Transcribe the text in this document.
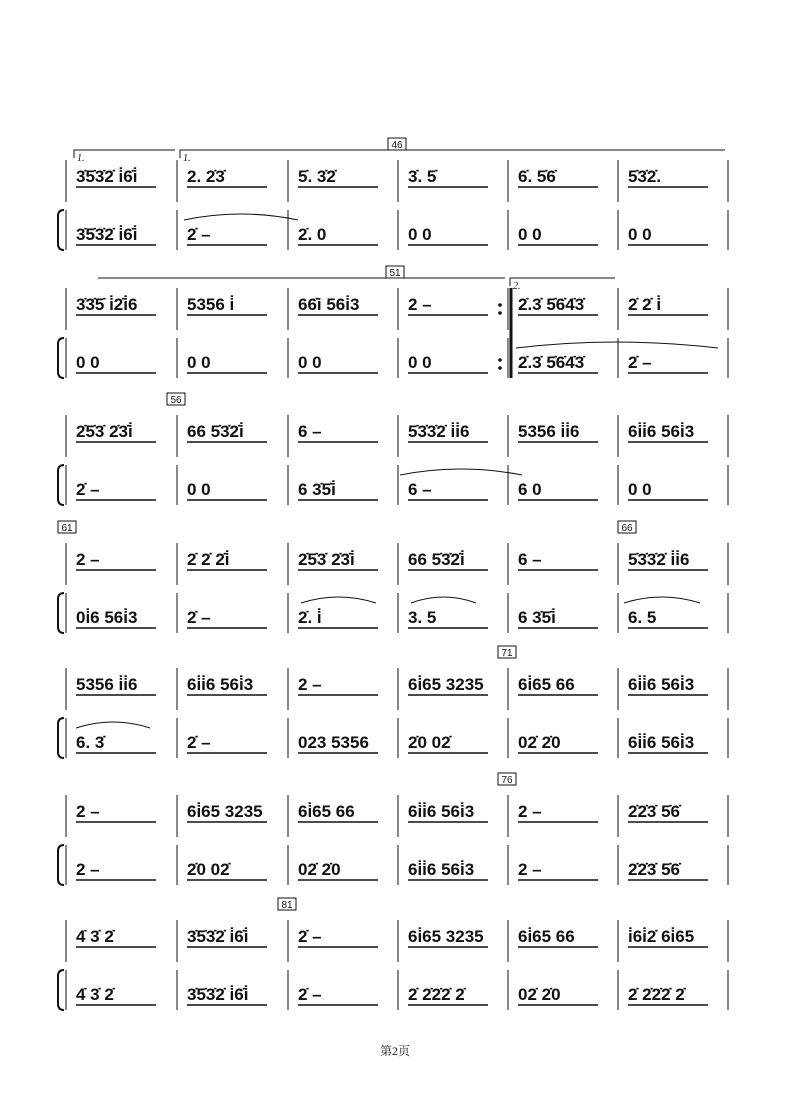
1.	1.
46
3̇5̇3̇2̇ i̇6̇i̇
3̇5̇3̇2̇ i̇6̇i̇
2. 2̇3̇
2̇ –
5̇. 3̇2̇
2̇. 0
3̇. 5̇
0 0
6̇. 5̇6̇
0 0
5̇3̇2̇.
0 0
2.
51
3̇3̇5̇ i̇2̇i̇6
0 0
5356 i̇
0 0
66̇i 56i̇3
0 0
2 –
0 0
2̇.3̇ 5̇6̇4̇3̇
2̇.3̇ 5̇6̇4̇3̇
2̇ 2̇ i̇
2̇ –
56
2̇5̇3̇ 2̇3̇i̇
2̇ –
66 5̇3̇2̇i̇
0 0
6 –
6 3̇5̇i̇
5̇3̇3̇2̇ i̇i̇6
6 –
5356 i̇i̇6
6 0
6i̇i̇6 56i̇3
0 0
61	66
2 –
0i̇6 56i̇3
2̇ 2̇ 2̇i̇
2̇ –
2̇5̇3̇ 2̇3̇i̇
2̇. i̇
66 5̇3̇2̇i̇
3. 5
6 –
6 3̇5̇i̇
5̇3̇3̇2̇ i̇i̇6
6. 5
71
5356 i̇i̇6
6. 3̇
6i̇i̇6 56i̇3
2̇ –
2 –
023 5356
6i̇65 3235
2̇0 02̇
6i̇65 66
02̇ 2̇0
6i̇i̇6 56i̇3
6i̇i̇6 56i̇3
76
2 –
2 –
6i̇65 3235
2̇0 02̇
6i̇65 66
02̇ 2̇0
6i̇i̇6 56i̇3
6i̇i̇6 56i̇3
2 –
2 –
2̇2̇3̇ 5̇6̇
2̇2̇3̇ 5̇6̇
81
4̇ 3̇ 2̇
4̇ 3̇ 2̇
3̇5̇3̇2̇ i̇6̇i̇
3̇5̇3̇2̇ i̇6̇i̇
2̇ –
2̇ –
6i̇65 3235
2̇ 2̇2̇2̇ 2̇
6i̇65 66
02̇ 2̇0
i̇6i̇2̇ 6i̇65
2̇ 2̇2̇2̇ 2̇
第2页
